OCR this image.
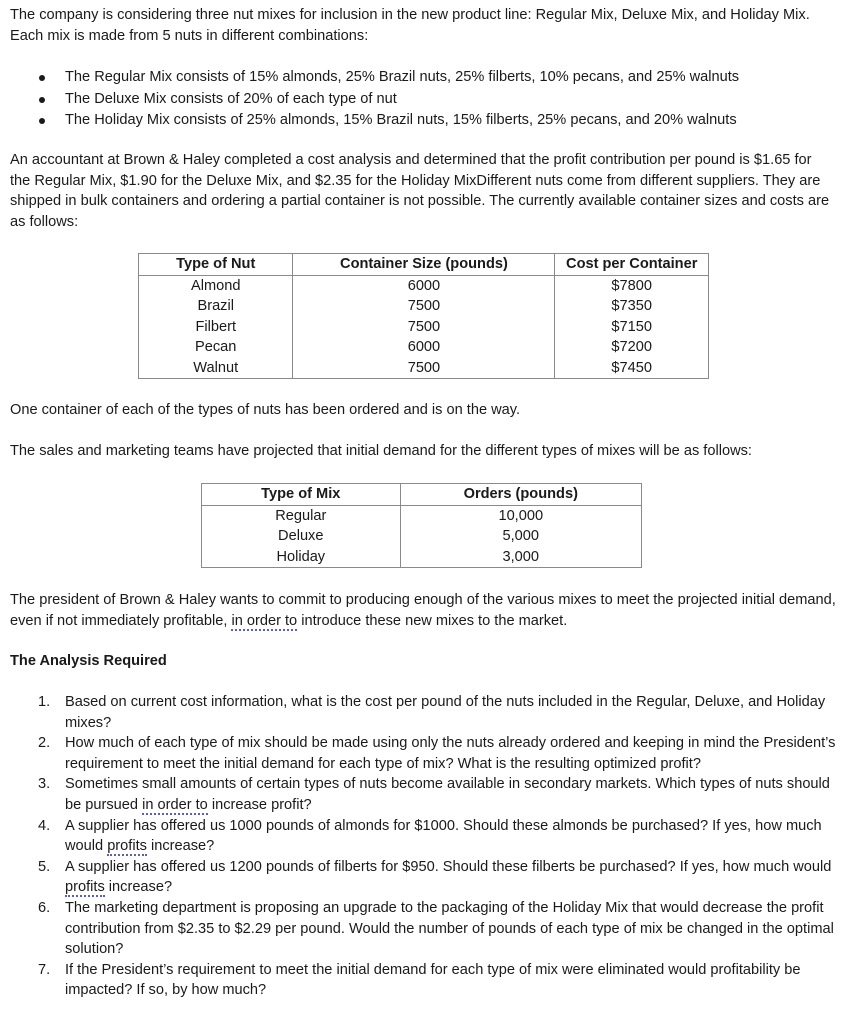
The company is considering three nut mixes for inclusion in the new product line: Regular Mix, Deluxe Mix, and Holiday Mix. Each mix is made from 5 nuts in different combinations:

The Regular Mix consists of 15% almonds, 25% Brazil nuts, 25% filberts, 10% pecans, and 25% walnuts
The Deluxe Mix consists of 20% of each type of nut
The Holiday Mix consists of 25% almonds, 15% Brazil nuts, 15% filberts, 25% pecans, and 20% walnuts

An accountant at Brown & Haley completed a cost analysis and determined that the profit contribution per pound is $1.65 for the Regular Mix, $1.90 for the Deluxe Mix, and $2.35 for the Holiday MixDifferent nuts come from different suppliers. They are shipped in bulk containers and ordering a partial container is not possible. The currently available container sizes and costs are as follows:

Type of Nut	Container Size (pounds)	Cost per Container
Almond	6000	$7800
Brazil	7500	$7350
Filbert	7500	$7150
Pecan	6000	$7200
Walnut	7500	$7450

One container of each of the types of nuts has been ordered and is on the way.

The sales and marketing teams have projected that initial demand for the different types of mixes will be as follows:

Type of Mix	Orders (pounds)
Regular	10,000
Deluxe	5,000
Holiday	3,000

The president of Brown & Haley wants to commit to producing enough of the various mixes to meet the projected initial demand, even if not immediately profitable, in order to introduce these new mixes to the market.

The Analysis Required

1. Based on current cost information, what is the cost per pound of the nuts included in the Regular, Deluxe, and Holiday mixes?
2. How much of each type of mix should be made using only the nuts already ordered and keeping in mind the President’s requirement to meet the initial demand for each type of mix? What is the resulting optimized profit?
3. Sometimes small amounts of certain types of nuts become available in secondary markets. Which types of nuts should be pursued in order to increase profit?
4. A supplier has offered us 1000 pounds of almonds for $1000. Should these almonds be purchased? If yes, how much would profits increase?
5. A supplier has offered us 1200 pounds of filberts for $950. Should these filberts be purchased? If yes, how much would profits increase?
6. The marketing department is proposing an upgrade to the packaging of the Holiday Mix that would decrease the profit contribution from $2.35 to $2.29 per pound. Would the number of pounds of each type of mix be changed in the optimal solution?
7. If the President’s requirement to meet the initial demand for each type of mix were eliminated would profitability be impacted? If so, by how much?
